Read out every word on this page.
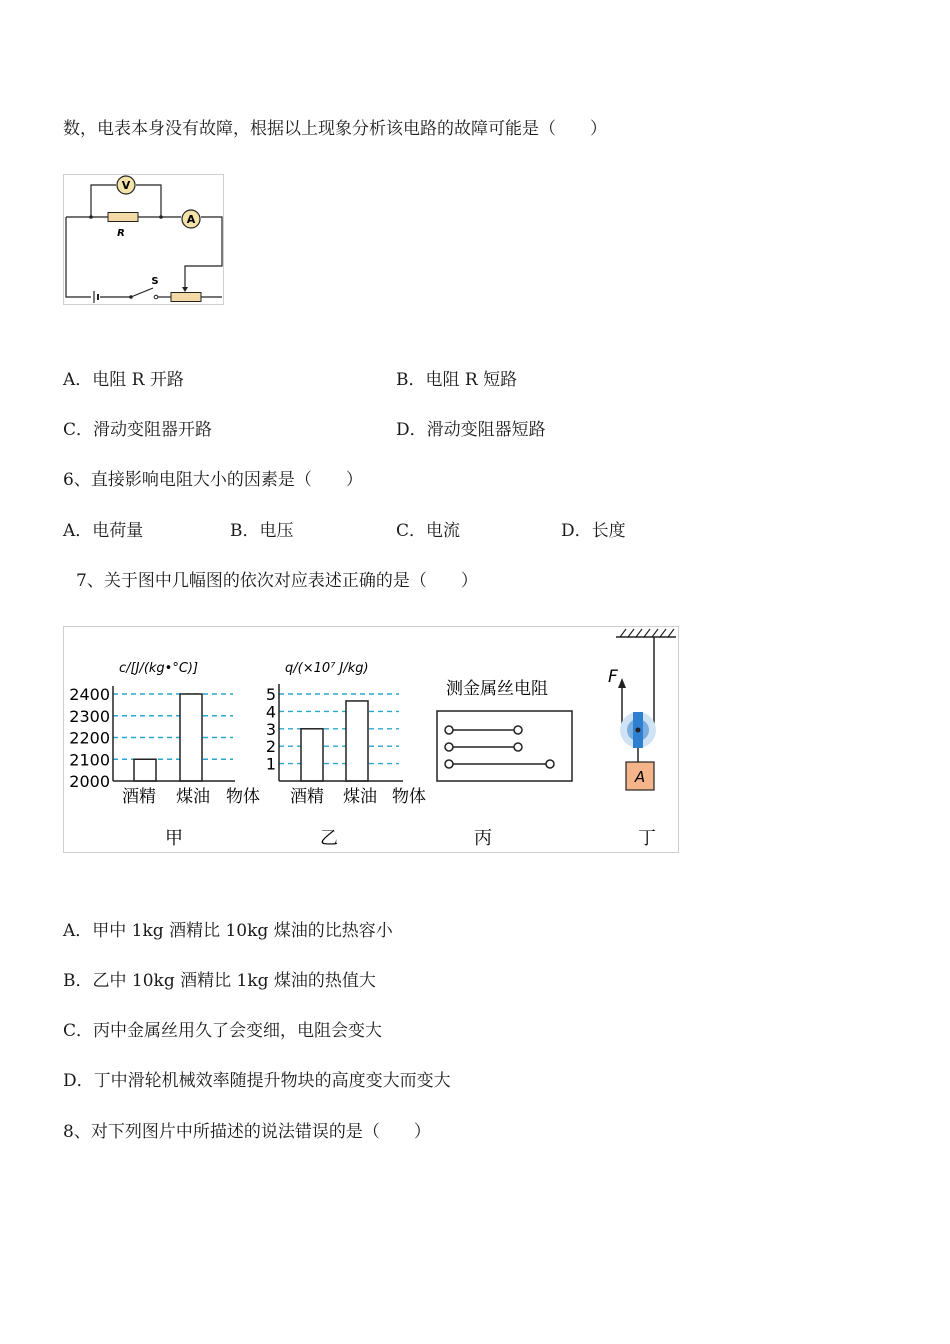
数，电表本身没有故障，根据以上现象分析该电路的故障可能是（　　）
V
A
R
S
A．电阻 R 开路	B．电阻 R 短路
C．滑动变阻器开路	D．滑动变阻器短路
6、直接影响电阻大小的因素是（　　）
A．电荷量	B．电压	C．电流	D．长度
7、关于图中几幅图的依次对应表述正确的是（　　）
c/[J/(kg•°C)]
2400
2300
2200
2100
2000
酒精 煤油 物体
甲
q/(×10⁷ J/kg)
5
4
3
2
1
酒精 煤油 物体
乙
测金属丝电阻
丙
F
A
丁
A．甲中 1kg 酒精比 10kg 煤油的比热容小
B．乙中 10kg 酒精比 1kg 煤油的热值大
C．丙中金属丝用久了会变细，电阻会变大
D．丁中滑轮机械效率随提升物块的高度变大而变大
8、对下列图片中所描述的说法错误的是（　　）
